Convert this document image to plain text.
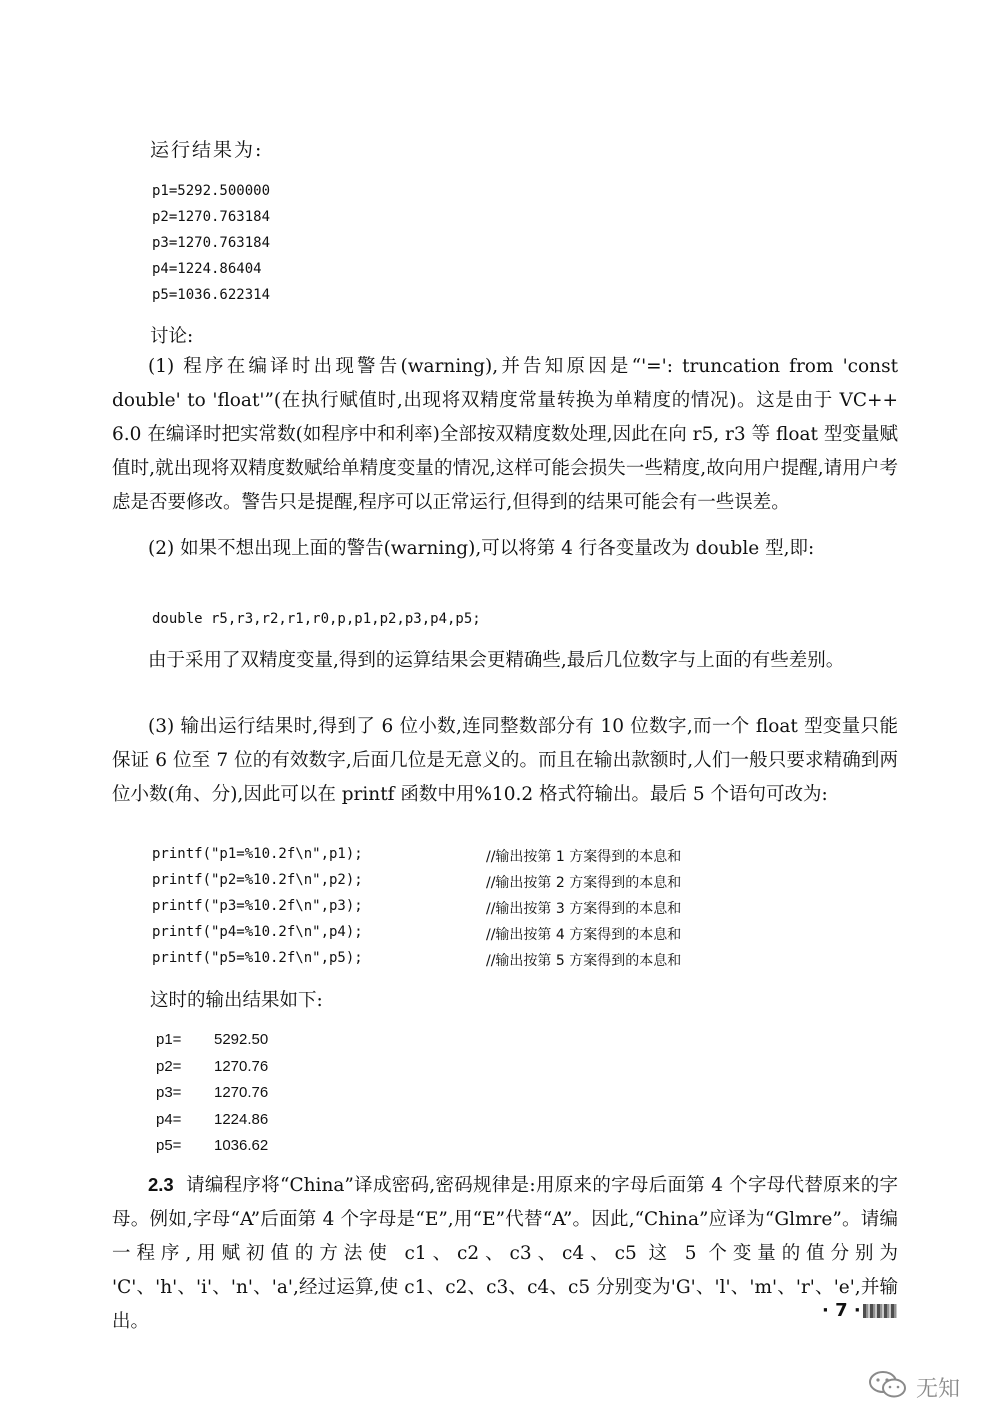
运行结果为:
p1=5292.500000
p2=1270.763184
p3=1270.763184
p4=1224.86404
p5=1036.622314
讨论:
(1) 程序在编译时出现警告(warning),并告知原因是“'=': truncation from 'const double' to 'float'”(在执行赋值时,出现将双精度常量转换为单精度的情况)。这是由于 VC++ 6.0 在编译时把实常数(如程序中和利率)全部按双精度数处理,因此在向 r5, r3 等 float 型变量赋值时,就出现将双精度数赋给单精度变量的情况,这样可能会损失一些精度,故向用户提醒,请用户考虑是否要修改。警告只是提醒,程序可以正常运行,但得到的结果可能会有一些误差。
(2) 如果不想出现上面的警告(warning),可以将第 4 行各变量改为 double 型,即:
double r5,r3,r2,r1,r0,p,p1,p2,p3,p4,p5;
由于采用了双精度变量,得到的运算结果会更精确些,最后几位数字与上面的有些差别。
(3) 输出运行结果时,得到了 6 位小数,连同整数部分有 10 位数字,而一个 float 型变量只能保证 6 位至 7 位的有效数字,后面几位是无意义的。而且在输出款额时,人们一般只要求精确到两位小数(角、分),因此可以在 printf 函数中用%10.2 格式符输出。最后 5 个语句可改为:
printf("p1=%10.2f\n",p1);	//输出按第 1 方案得到的本息和
printf("p2=%10.2f\n",p2);	//输出按第 2 方案得到的本息和
printf("p3=%10.2f\n",p3);	//输出按第 3 方案得到的本息和
printf("p4=%10.2f\n",p4);	//输出按第 4 方案得到的本息和
printf("p5=%10.2f\n",p5);	//输出按第 5 方案得到的本息和
这时的输出结果如下:
p1= 5292.50
p2= 1270.76
p3= 1270.76
p4= 1224.86
p5= 1036.62
2.3 请编程序将“China”译成密码,密码规律是:用原来的字母后面第 4 个字母代替原来的字母。例如,字母“A”后面第 4 个字母是“E”,用“E”代替“A”。因此,“China”应译为“Glmre”。请编一程序,用赋初值的方法使 c1、c2、c3、c4、c5 这 5 个变量的值分别为 'C'、'h'、'i'、'n'、'a',经过运算,使 c1、c2、c3、c4、c5 分别变为'G'、'l'、'm'、'r'、'e',并输出。
· 7 ·
无知
